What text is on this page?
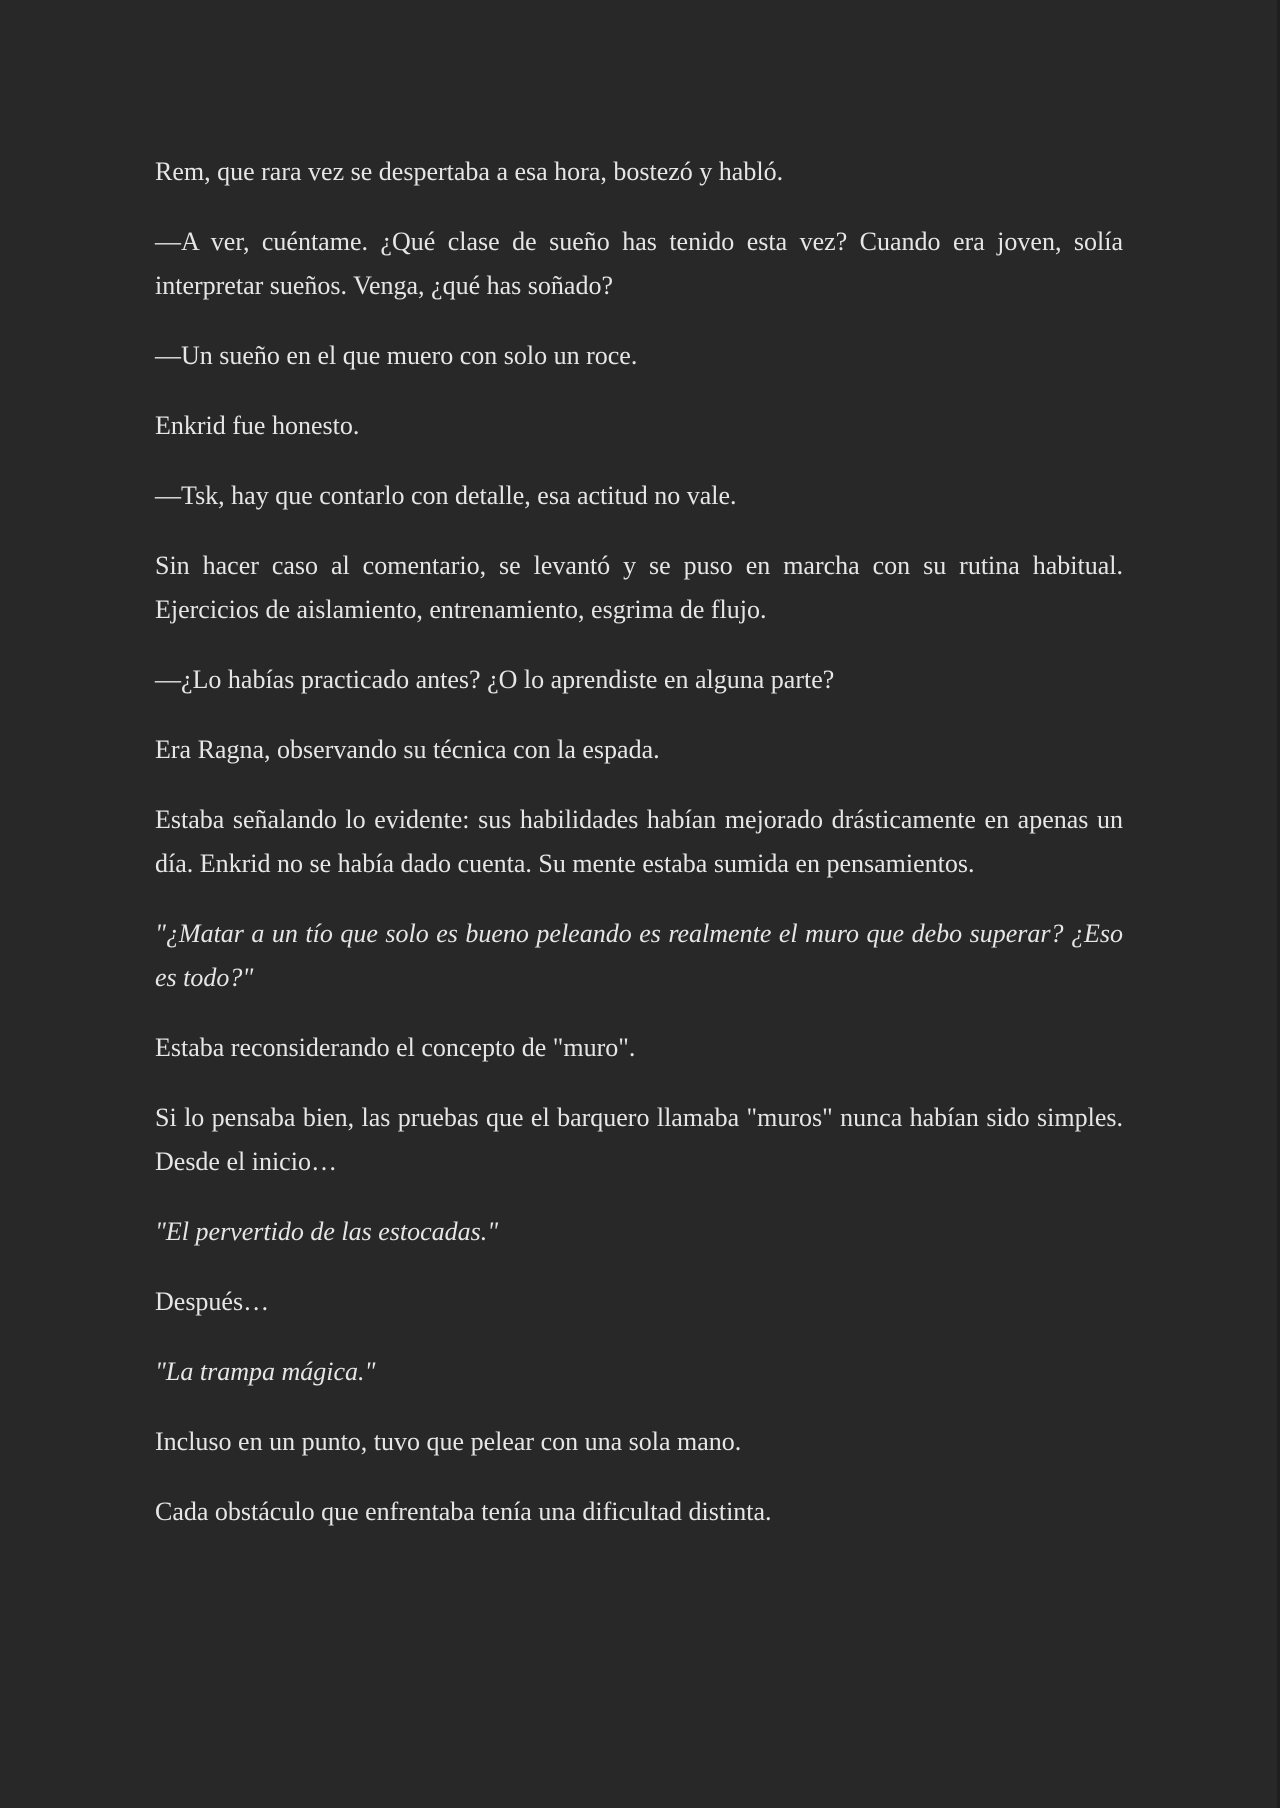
Rem, que rara vez se despertaba a esa hora, bostezó y habló.

—A ver, cuéntame. ¿Qué clase de sueño has tenido esta vez? Cuando era joven, solía interpretar sueños. Venga, ¿qué has soñado?

—Un sueño en el que muero con solo un roce.

Enkrid fue honesto.

—Tsk, hay que contarlo con detalle, esa actitud no vale.

Sin hacer caso al comentario, se levantó y se puso en marcha con su rutina habitual. Ejercicios de aislamiento, entrenamiento, esgrima de flujo.

—¿Lo habías practicado antes? ¿O lo aprendiste en alguna parte?

Era Ragna, observando su técnica con la espada.

Estaba señalando lo evidente: sus habilidades habían mejorado drásticamente en apenas un día. Enkrid no se había dado cuenta. Su mente estaba sumida en pensamientos.

"¿Matar a un tío que solo es bueno peleando es realmente el muro que debo superar? ¿Eso es todo?"

Estaba reconsiderando el concepto de "muro".

Si lo pensaba bien, las pruebas que el barquero llamaba "muros" nunca habían sido simples. Desde el inicio…

"El pervertido de las estocadas."

Después…

"La trampa mágica."

Incluso en un punto, tuvo que pelear con una sola mano.

Cada obstáculo que enfrentaba tenía una dificultad distinta.
